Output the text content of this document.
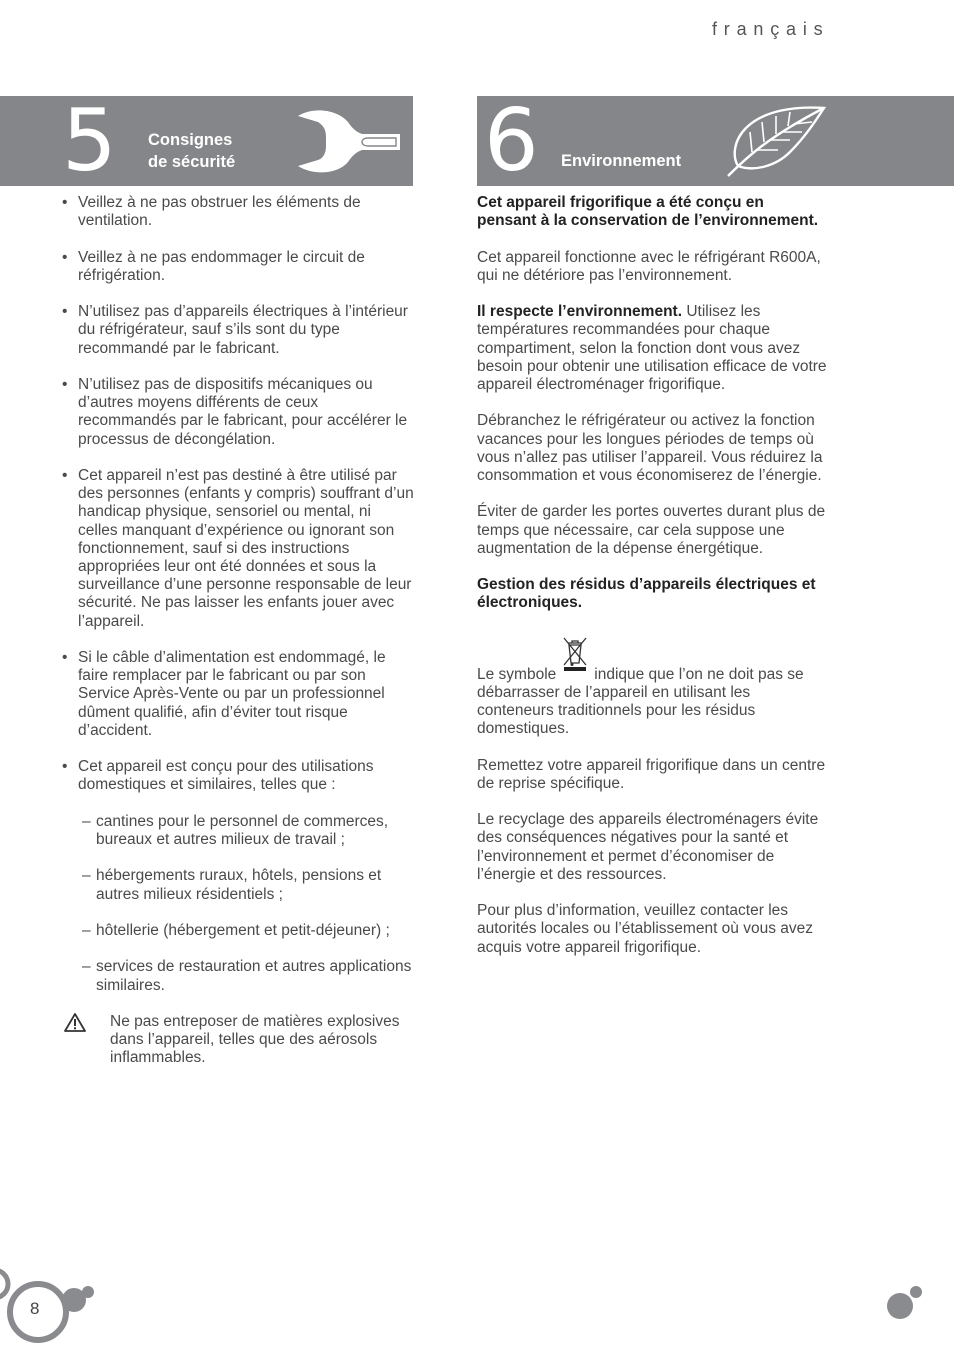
français
5 Consignes
de sécurité	6 Environnement
• Veillez à ne pas obstruer les éléments de ventilation.
• Veillez à ne pas endommager le circuit de réfrigération.
• N’utilisez pas d’appareils électriques à l’intérieur du réfrigérateur, sauf s’ils sont du type recommandé par le fabricant.
• N’utilisez pas de dispositifs mécaniques ou d’autres moyens différents de ceux recommandés par le fabricant, pour accélérer le processus de décongélation.
• Cet appareil n’est pas destiné à être utilisé par des personnes (enfants y compris) souffrant d’un handicap physique, sensoriel ou mental, ni celles manquant d’expérience ou ignorant son fonctionnement, sauf si des instructions appropriées leur ont été données et sous la surveillance d’une personne responsable de leur sécurité. Ne pas laisser les enfants jouer avec l’appareil.
• Si le câble d’alimentation est endommagé, le faire remplacer par le fabricant ou par son Service Après-Vente ou par un professionnel dûment qualifié, afin d’éviter tout risque d’accident.
• Cet appareil est conçu pour des utilisations domestiques et similaires, telles que :
– cantines pour le personnel de commerces, bureaux et autres milieux de travail ;
– hébergements ruraux, hôtels, pensions et autres milieux résidentiels ;
– hôtellerie (hébergement et petit-déjeuner) ;
– services de restauration et autres applications similaires.
Ne pas entreposer de matières explosives dans l’appareil, telles que des aérosols inflammables.

Cet appareil frigorifique a été conçu en pensant à la conservation de l’environnement.

Cet appareil fonctionne avec le réfrigérant R600A, qui ne détériore pas l’environnement.

Il respecte l’environnement. Utilisez les températures recommandées pour chaque compartiment, selon la fonction dont vous avez besoin pour obtenir une utilisation efficace de votre appareil électroménager frigorifique.

Débranchez le réfrigérateur ou activez la fonction vacances pour les longues périodes de temps où vous n’allez pas utiliser l’appareil. Vous réduirez la consommation et vous économiserez de l’énergie.

Éviter de garder les portes ouvertes durant plus de temps que nécessaire, car cela suppose une augmentation de la dépense énergétique.

Gestion des résidus d’appareils électriques et électroniques.

Le symbole indique que l’on ne doit pas se débarrasser de l’appareil en utilisant les conteneurs traditionnels pour les résidus domestiques.

Remettez votre appareil frigorifique dans un centre de reprise spécifique.

Le recyclage des appareils électroménagers évite des conséquences négatives pour la santé et l’environnement et permet d’économiser de l’énergie et des ressources.

Pour plus d’information, veuillez contacter les autorités locales ou l’établissement où vous avez acquis votre appareil frigorifique.

8
